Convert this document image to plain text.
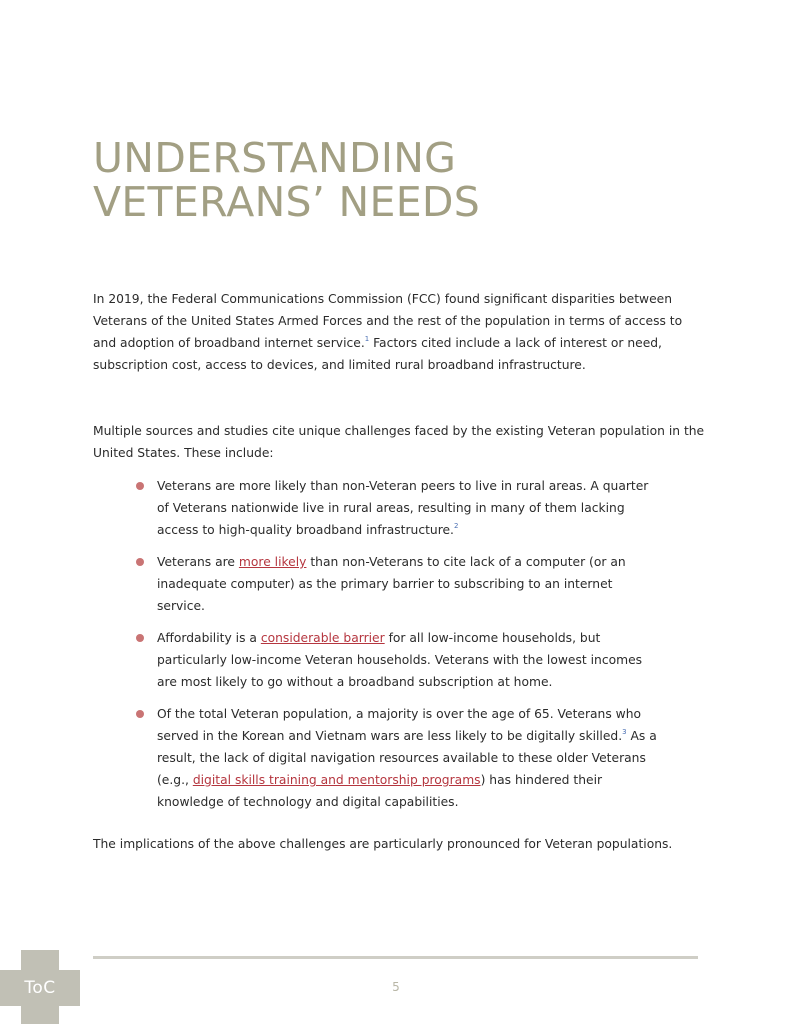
UNDERSTANDING
VETERANS’ NEEDS

In 2019, the Federal Communications Commission (FCC) found significant disparities between Veterans of the United States Armed Forces and the rest of the population in terms of access to and adoption of broadband internet service.$^1$ Factors cited include a lack of interest or need, subscription cost, access to devices, and limited rural broadband infrastructure.

Multiple sources and studies cite unique challenges faced by the existing Veteran population in the United States. These include:

Veterans are more likely than non-Veteran peers to live in rural areas. A quarter of Veterans nationwide live in rural areas, resulting in many of them lacking access to high-quality broadband infrastructure.$^2$
Veterans are more likely than non-Veterans to cite lack of a computer (or an inadequate computer) as the primary barrier to subscribing to an internet service.
Affordability is a considerable barrier for all low-income households, but particularly low-income Veteran households. Veterans with the lowest incomes are most likely to go without a broadband subscription at home.
Of the total Veteran population, a majority is over the age of 65. Veterans who served in the Korean and Vietnam wars are less likely to be digitally skilled.$^3$ As a result, the lack of digital navigation resources available to these older Veterans (e.g., digital skills training and mentorship programs) has hindered their knowledge of technology and digital capabilities.

The implications of the above challenges are particularly pronounced for Veteran populations.

5
ToC
